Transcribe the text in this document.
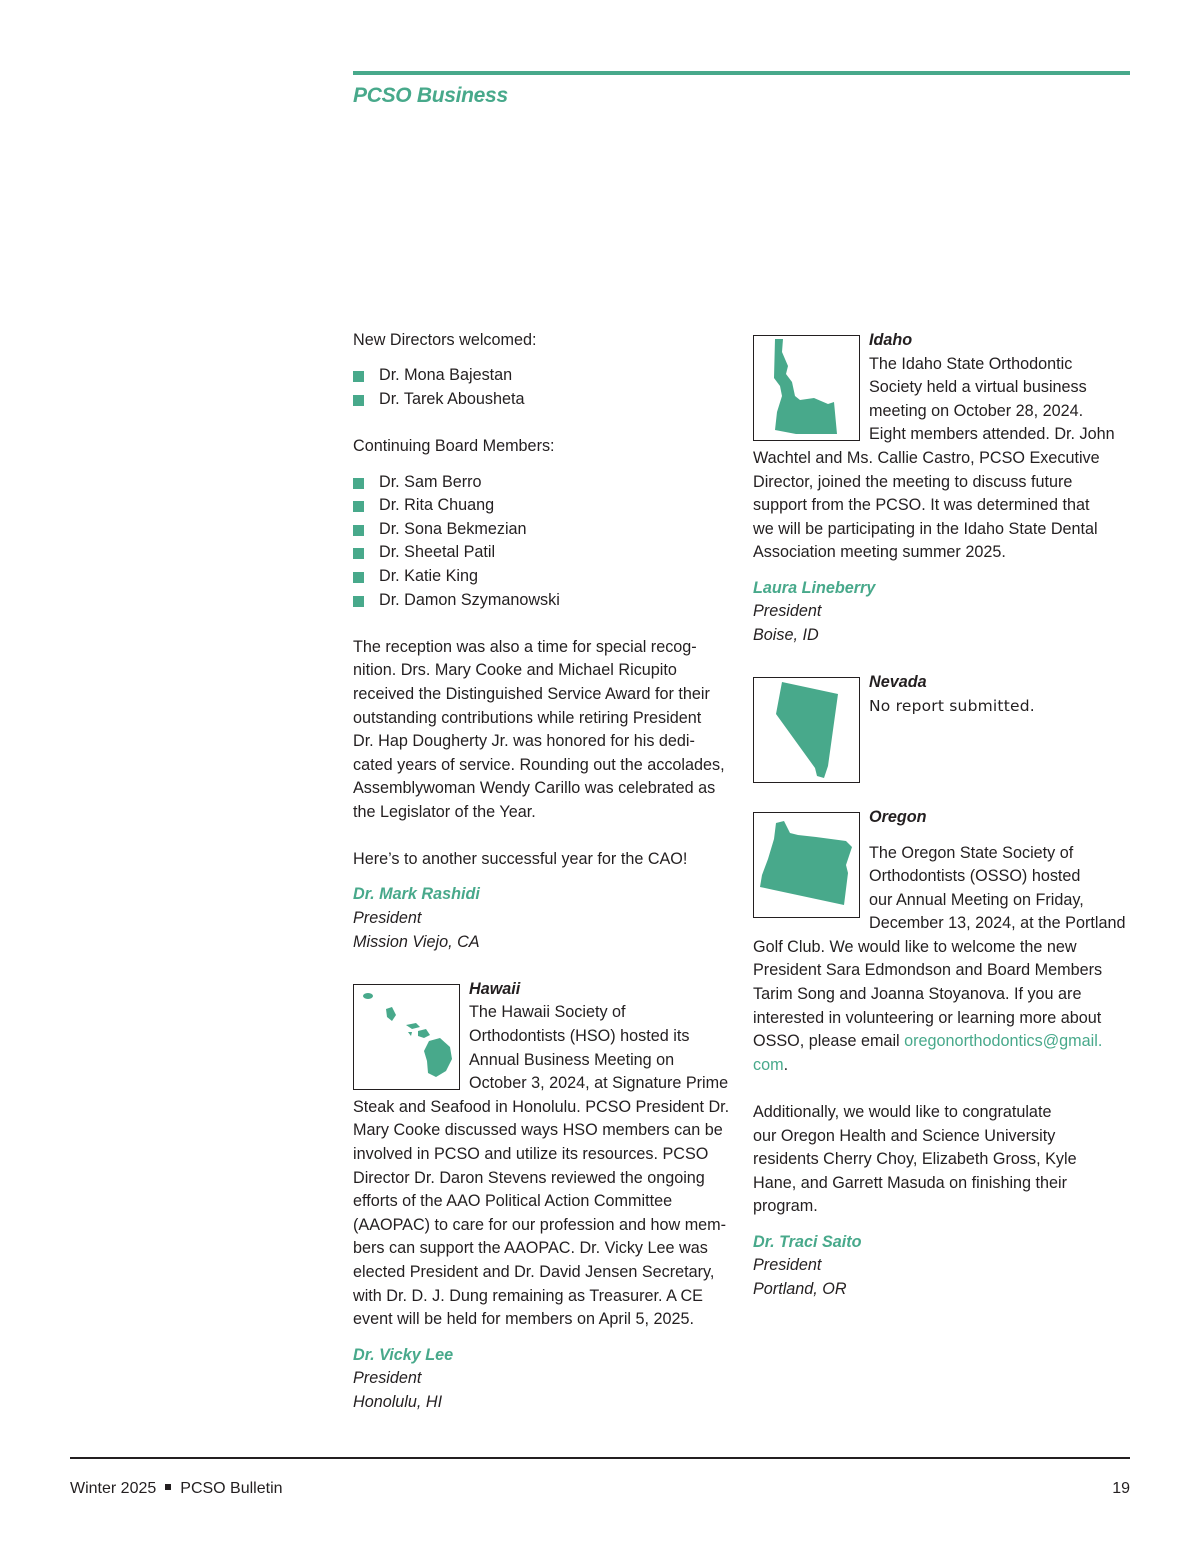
PCSO Business

New Directors welcomed:

Dr. Mona Bajestan
Dr. Tarek Abousheta

Continuing Board Members:

Dr. Sam Berro
Dr. Rita Chuang
Dr. Sona Bekmezian
Dr. Sheetal Patil
Dr. Katie King
Dr. Damon Szymanowski
The reception was also a time for special recog-
nition. Drs. Mary Cooke and Michael Ricupito
received the Distinguished Service Award for their
outstanding contributions while retiring President
Dr. Hap Dougherty Jr. was honored for his dedi-
cated years of service. Rounding out the accolades,
Assemblywoman Wendy Carillo was celebrated as
the Legislator of the Year.

Here’s to another successful year for the CAO!

Dr. Mark Rashidi
President
Mission Viejo, CA
Hawaii
The Hawaii Society of
Orthodontists (HSO) hosted its
Annual Business Meeting on
October 3, 2024, at Signature Prime
Steak and Seafood in Honolulu. PCSO President Dr.
Mary Cooke discussed ways HSO members can be
involved in PCSO and utilize its resources. PCSO
Director Dr. Daron Stevens reviewed the ongoing
efforts of the AAO Political Action Committee
(AAOPAC) to care for our profession and how mem-
bers can support the AAOPAC. Dr. Vicky Lee was
elected President and Dr. David Jensen Secretary,
with Dr. D. J. Dung remaining as Treasurer. A CE
event will be held for members on April 5, 2025.
Dr. Vicky Lee
President
Honolulu, HI
Idaho
The Idaho State Orthodontic
Society held a virtual business
meeting on October 28, 2024.
Eight members attended. Dr. John
Wachtel and Ms. Callie Castro, PCSO Executive
Director, joined the meeting to discuss future
support from the PCSO. It was determined that
we will be participating in the Idaho State Dental
Association meeting summer 2025.
Laura Lineberry
President
Boise, ID
Nevada
No report submitted.
Oregon
The Oregon State Society of
Orthodontists (OSSO) hosted
our Annual Meeting on Friday,
December 13, 2024, at the Portland
Golf Club. We would like to welcome the new
President Sara Edmondson and Board Members
Tarim Song and Joanna Stoyanova. If you are
interested in volunteering or learning more about
OSSO, please email oregonorthodontics@gmail.
com.
Additionally, we would like to congratulate
our Oregon Health and Science University
residents Cherry Choy, Elizabeth Gross, Kyle
Hane, and Garrett Masuda on finishing their
program.
Dr. Traci Saito
President
Portland, OR
Winter 2025 PCSO Bulletin	19
